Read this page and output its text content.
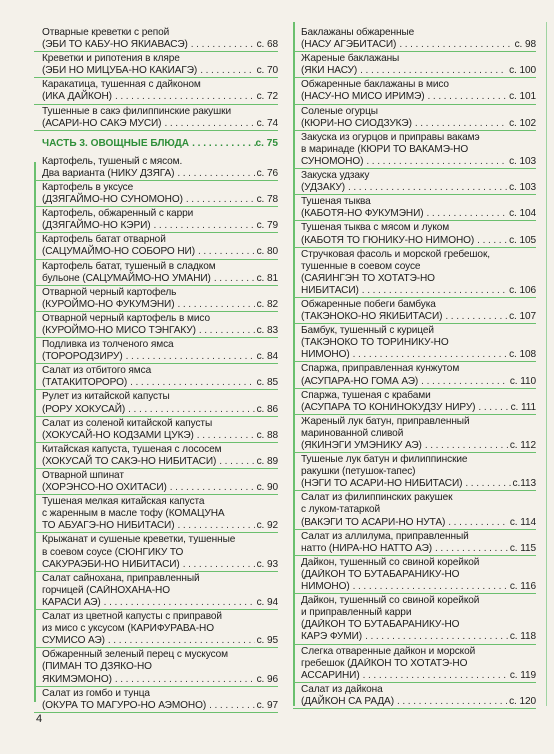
Отварные креветки с репой
(ЭБИ ТО КАБУ-НО ЯКИАВАСЭ) . . .	с. 68
Креветки и рипотения в кляре
(ЭБИ НО МИЦУБА-НО КАКИАГЭ) . . .	с. 70
Каракатица, тушенная с дайконом
(ИКА ДАЙКОН) . . .	с. 72
Тушенные в сакэ филиппинские ракушки
(АСАРИ-НО САКЭ МУСИ) . . .	с. 74
ЧАСТЬ 3. ОВОЩНЫЕ БЛЮДА . . .	с. 75
Картофель, тушеный с мясом.
Два варианта (НИКУ ДЗЯГА) . . .	с. 76
Картофель в уксусе
(ДЗЯГАЙМО-НО СУНОМОНО) . . .	с. 78
Картофель, обжаренный с карри
(ДЗЯГАЙМО-НО КЭРИ) . . .	с. 79
Картофель батат отварной
(САЦУМАЙМО-НО СОБОРО НИ) . . .	с. 80
Картофель батат, тушеный в сладком
бульоне (САЦУМАЙМО-НО УМАНИ) . . .	с. 81
Отварной черный картофель
(КУРОЙМО-НО ФУКУМЭНИ) . . .	с. 82
Отварной черный картофель в мисо
(КУРОЙМО-НО МИСО ТЭНГАКУ) . . .	с. 83
Подливка из толченого ямса
(ТОРОРОДЗИРУ) . . .	с. 84
Салат из отбитого ямса
(ТАТАКИТОРОРО) . . .	с. 85
Рулет из китайской капусты
(РОРУ ХОКУСАЙ) . . .	с. 86
Салат из соленой китайской капусты
(ХОКУСАЙ-НО КОДЗАМИ ЦУКЭ) . . .	с. 88
Китайская капуста, тушеная с лососем
(ХОКУСАЙ ТО САКЭ-НО НИБИТАСИ) . . .	с. 89
Отварной шпинат
(ХОРЭНСО-НО ОХИТАСИ) . . .	с. 90
Тушеная мелкая китайская капуста
с жаренным в масле тофу (КОМАЦУНА
ТО АБУАГЭ-НО НИБИТАСИ) . . .	с. 92
Крыжанат и сушеные креветки, тушенные
в соевом соусе (СЮНГИКУ ТО
САКУРАЭБИ-НО НИБИТАСИ) . . .	с. 93
Салат сайнохана, приправленный
горчицей (САЙНОХАНА-НО
КАРАСИ АЭ) . . .	с. 94
Салат из цветной капусты с приправой
из мисо с уксусом (КАРИФУРАВА-НО
СУМИСО АЭ) . . .	с. 95
Обжаренный зеленый перец с мускусом
(ПИМАН ТО ДЗЯКО-НО
ЯКИМЭМОНО) . . .	с. 96
Салат из гомбо и тунца
(ОКУРА ТО МАГУРО-НО АЭМОНО) . . .	с. 97
Баклажаны обжаренные
(НАСУ АГЭБИТАСИ) . . .	с. 98
Жареные баклажаны
(ЯКИ НАСУ) . . .	с. 100
Обжаренные баклажаны в мисо
(НАСУ-НО МИСО ИРИМЭ) . . .	с. 101
Соленые огурцы
(КЮРИ-НО СИОДЗУКЭ) . . .	с. 102
Закуска из огурцов и приправы вакамэ
в маринаде (КЮРИ ТО ВАКАМЭ-НО
СУНОМОНО) . . .	с. 103
Закуска удзаку
(УДЗАКУ) . . .	с. 103
Тушеная тыква
(КАБОТЯ-НО ФУКУМЭНИ) . . .	с. 104
Тушеная тыква с мясом и луком
(КАБОТЯ ТО ГЮНИКУ-НО НИМОНО) . . .	с. 105
Стручковая фасоль и морской гребешок,
тушенные в соевом соусе
(САЯИНГЭН ТО ХОТАТЭ-НО
НИБИТАСИ) . . .	с. 106
Обжаренные побеги бамбука
(ТАКЭНОКО-НО ЯКИБИТАСИ) . . .	с. 107
Бамбук, тушенный с курицей
(ТАКЭНОКО ТО ТОРИНИКУ-НО
НИМОНО) . . .	с. 108
Спаржа, приправленная кунжутом
(АСУПАРА-НО ГОМА АЭ) . . .	с. 110
Спаржа, тушеная с крабами
(АСУПАРА ТО КОНИНОКУДЗУ НИРУ) . . .	с. 111
Жареный лук батун, приправленный
маринованной сливой
(ЯКИНЭГИ УМЭНИКУ АЭ) . . .	с. 112
Тушеные лук батун и филиппинские
ракушки (петушок-тапес)
(НЭГИ ТО АСАРИ-НО НИБИТАСИ) . . .	с.113
Салат из филиппинских ракушек
с луком-татаркой
(ВАКЭГИ ТО АСАРИ-НО НУТА) . . .	с. 114
Салат из аллилума, приправленный
натто (НИРА-НО НАТТО АЭ) . . .	с. 115
Дайкон, тушенный со свиной корейкой
(ДАЙКОН ТО БУТАБАРАНИКУ-НО
НИМОНО) . . .	с. 116
Дайкон, тушенный со свиной корейкой
и приправленный карри
(ДАЙКОН ТО БУТАБАРАНИКУ-НО
КАРЭ ФУМИ) . . .	с. 118
Слегка отваренные дайкон и морской
гребешок (ДАЙКОН ТО ХОТАТЭ-НО
АССАРИНИ) . . .	с. 119
Салат из дайкона
(ДАЙКОН СА РАДА) . . .	с. 120
4
